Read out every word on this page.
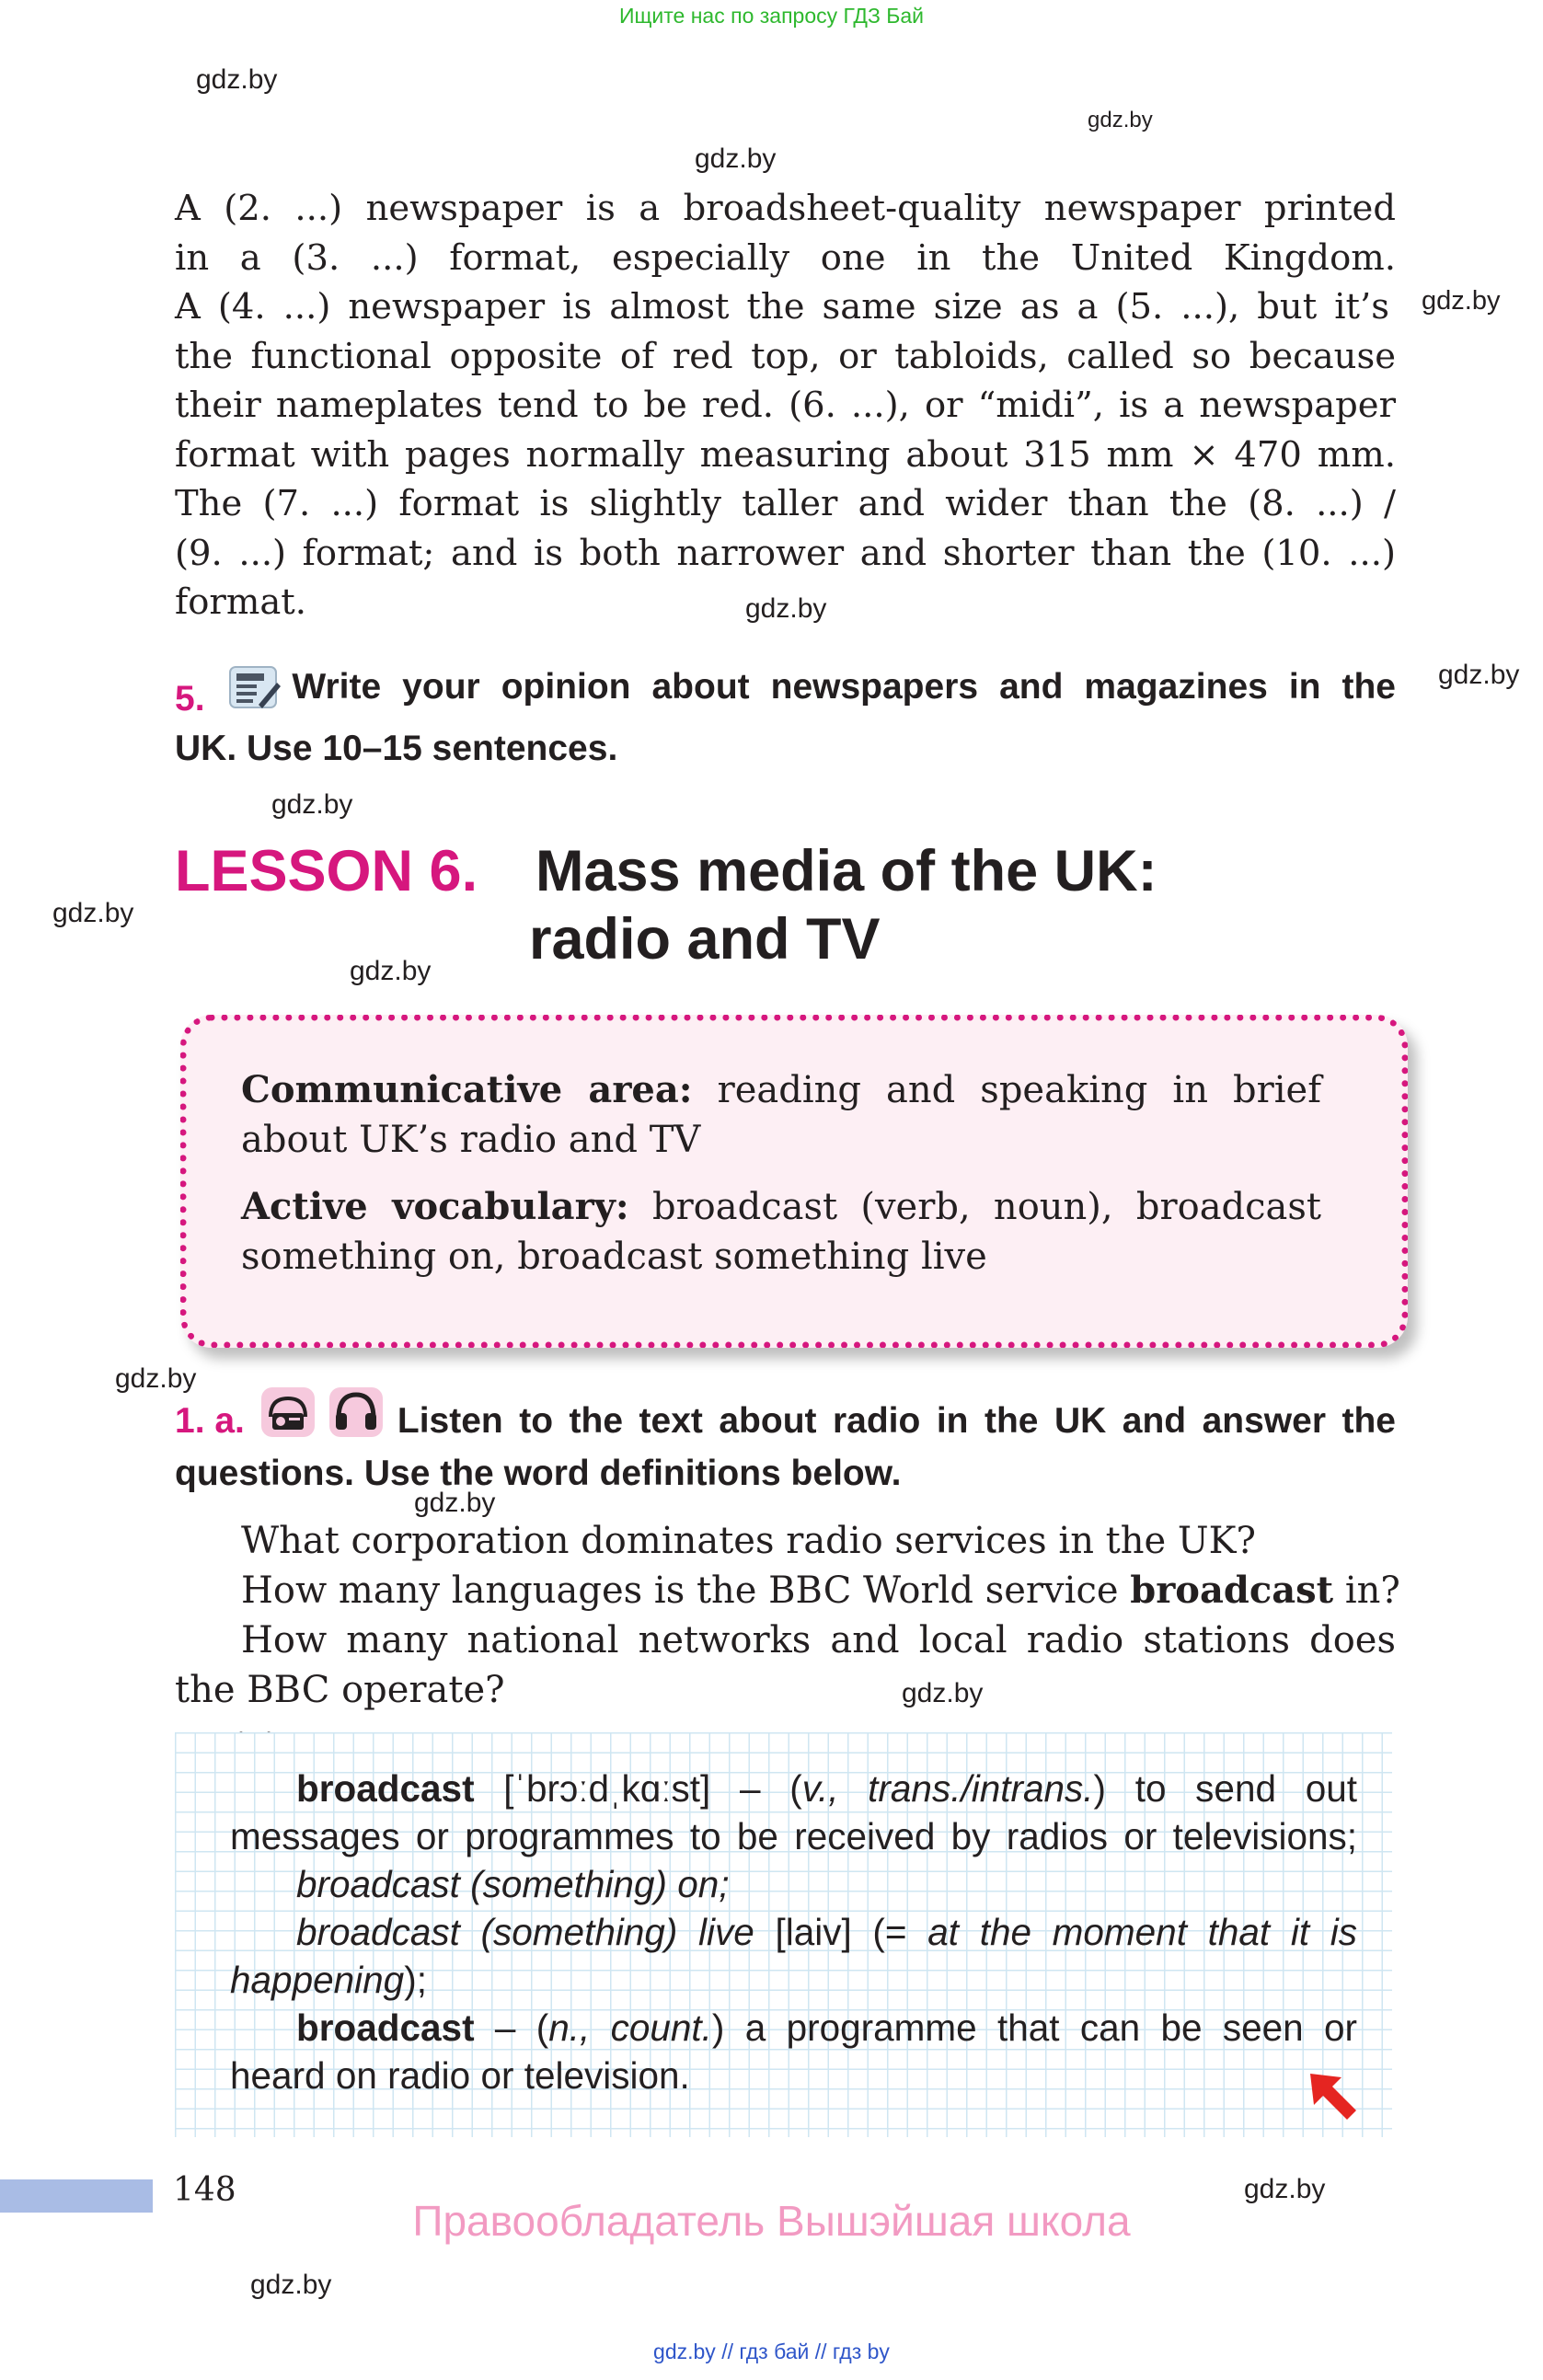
Ищите нас по запросу ГДЗ Бай
gdz.by
gdz.by
gdz.by
gdz.by
gdz.by
gdz.by
gdz.by
gdz.by
gdz.by
gdz.by
gdz.by
gdz.by
gdz.by
gdz.by
A (2. ...) newspaper is a broadsheet-quality newspaper printed
in a (3. ...) format, especially one in the United Kingdom.
A (4. ...) newspaper is almost the same size as a (5. ...), but it’s
the functional opposite of red top, or tabloids, called so because
their nameplates tend to be red. (6. ...), or “midi”, is a newspaper
format with pages normally measuring about 315 mm × 470 mm.
The (7. ...) format is slightly taller and wider than the (8. ...) /
(9. ...) format; and is both narrower and shorter than the (10. ...)
format.
5.	Write your opinion about newspapers and magazines in the
UK. Use 10–15 sentences.
LESSON 6. Mass media of the UK:
radio and TV
Communicative area: reading and speaking in brief
about UK’s radio and TV
Active vocabulary: broadcast (verb, noun), broadcast
something on, broadcast something live
1. a.	Listen to the text about radio in the UK and answer the
questions. Use the word definitions below.
What corporation dominates radio services in the UK?
How many languages is the BBC World service broadcast in?
How many national networks and local radio stations does
the BBC operate?
broadcast [ˈbrɔːdˌkɑːst] – (v., trans./intrans.) to send out
messages or programmes to be received by radios or televisions;
broadcast (something) on;
broadcast (something) live [laiv] (= at the moment that it is
happening);
broadcast – (n., count.) a programme that can be seen or
heard on radio or television.
148
Правообладатель Вышэйшая школа
gdz.by // гдз бай // гдз by
